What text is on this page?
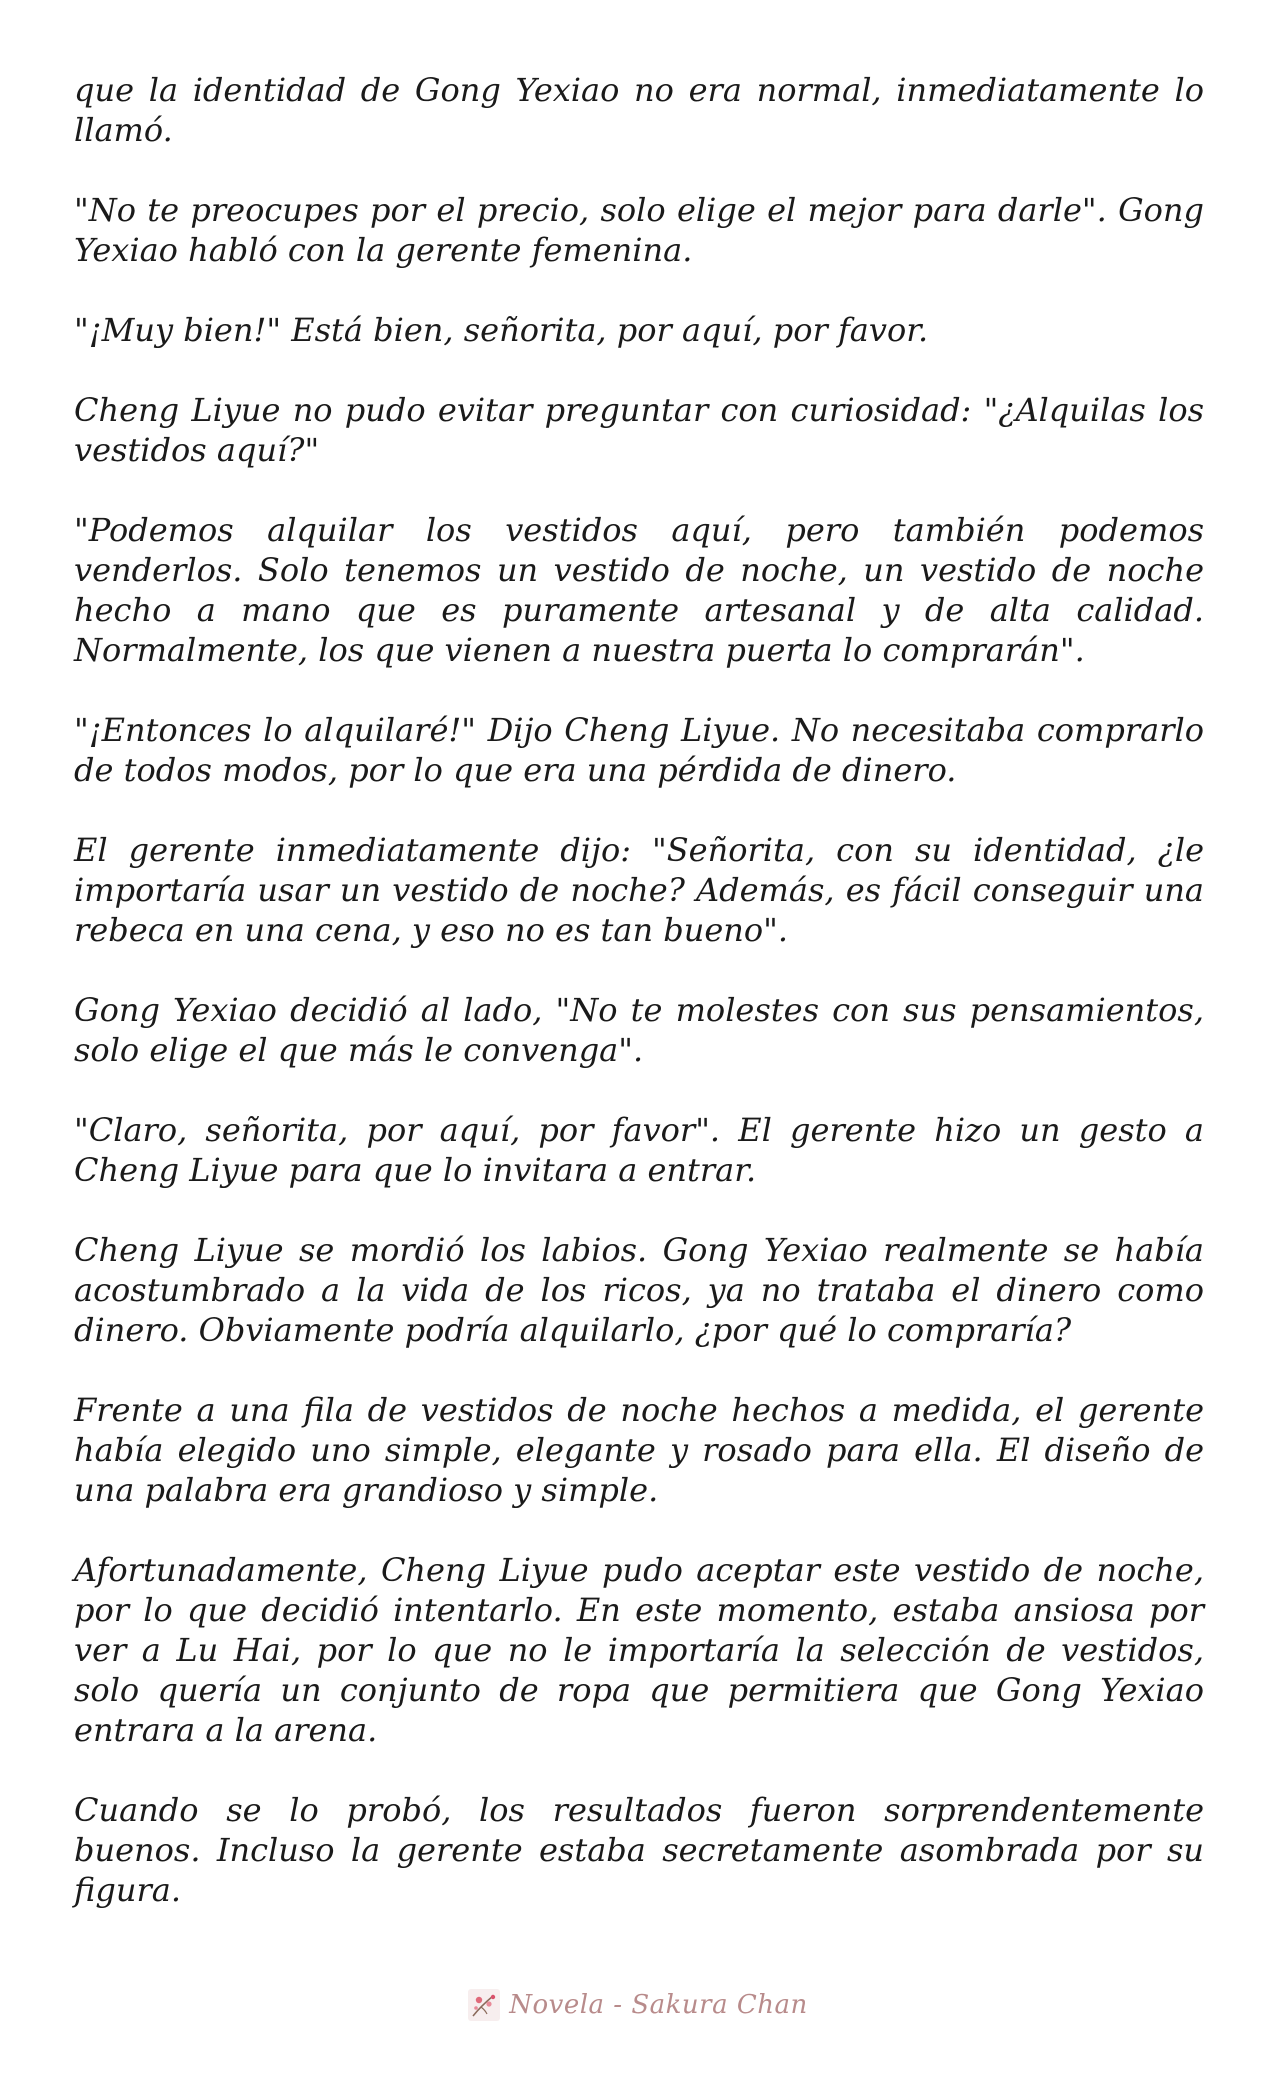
que la identidad de Gong Yexiao no era normal, inmediatamente lo llamó.

"No te preocupes por el precio, solo elige el mejor para darle". Gong Yexiao habló con la gerente femenina.

"¡Muy bien!" Está bien, señorita, por aquí, por favor.

Cheng Liyue no pudo evitar preguntar con curiosidad: "¿Alquilas los vestidos aquí?"

"Podemos alquilar los vestidos aquí, pero también podemos venderlos. Solo tenemos un vestido de noche, un vestido de noche hecho a mano que es puramente artesanal y de alta calidad. Normalmente, los que vienen a nuestra puerta lo comprarán".

"¡Entonces lo alquilaré!" Dijo Cheng Liyue. No necesitaba comprarlo de todos modos, por lo que era una pérdida de dinero.

El gerente inmediatamente dijo: "Señorita, con su identidad, ¿le importaría usar un vestido de noche? Además, es fácil conseguir una rebeca en una cena, y eso no es tan bueno".

Gong Yexiao decidió al lado, "No te molestes con sus pensamientos, solo elige el que más le convenga".

"Claro, señorita, por aquí, por favor". El gerente hizo un gesto a Cheng Liyue para que lo invitara a entrar.

Cheng Liyue se mordió los labios. Gong Yexiao realmente se había acostumbrado a la vida de los ricos, ya no trataba el dinero como dinero. Obviamente podría alquilarlo, ¿por qué lo compraría?

Frente a una fila de vestidos de noche hechos a medida, el gerente había elegido uno simple, elegante y rosado para ella. El diseño de una palabra era grandioso y simple.

Afortunadamente, Cheng Liyue pudo aceptar este vestido de noche, por lo que decidió intentarlo. En este momento, estaba ansiosa por ver a Lu Hai, por lo que no le importaría la selección de vestidos, solo quería un conjunto de ropa que permitiera que Gong Yexiao entrara a la arena.

Cuando se lo probó, los resultados fueron sorprendentemente buenos. Incluso la gerente estaba secretamente asombrada por su figura.

Novela - Sakura Chan
